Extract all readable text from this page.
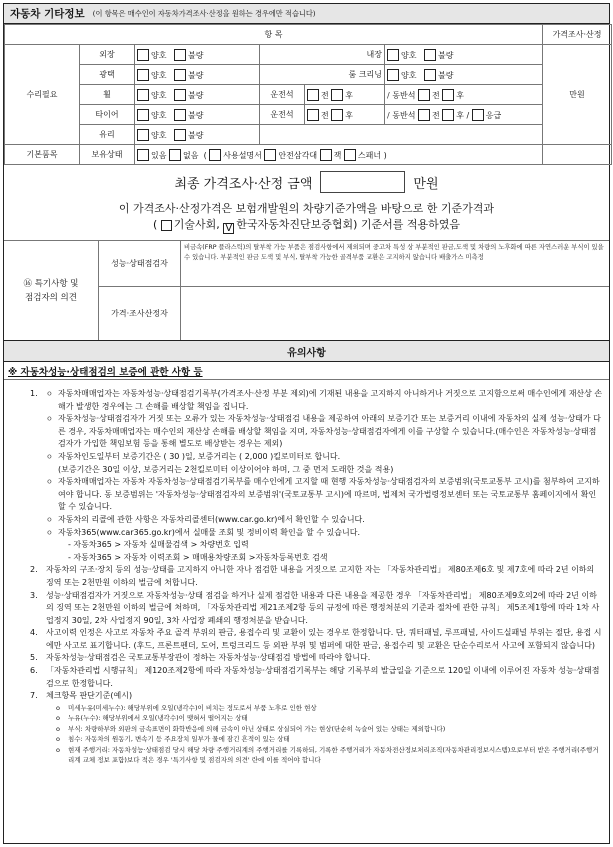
자동차 기타정보 (이 항목은 매수인이 자동차가격조사·산정을 원하는 경우에만 적습니다)
항 목						가격조사·산정
수리필요	외장	양호 불량	내장		양호 불량	만원
	광택	양호 불량	룸 크리닝		양호 불량	
	휠	양호 불량	운전석	전 후	/ 동반석 전 후	
	타이어	양호 불량	운전석	전 후	/ 동반석 전 후 / 응급	
	유리	양호 불량				
기본품목	보유상태	있음 없음  ( 사용설명서 안전삼각대 잭 스패너 )				
최종 가격조사·산정 금액	만원
이 가격조사·산정가격은 보험개발원의 차량기준가액을 바탕으로 한 기준가격과
( 기술사회, V 한국자동차진단보증협회) 기준서를 적용하였음
⑯ 특기사항 및
점검자의 의견
성능·상태점검자
비금속(FRP 플라스틱)의 탈부착 가능 부품은 점검사항에서 제외되며 중고차 특성 상 부분적인 판금,도색 및 차량의 노후화에 따른 자연스러운 부식이 있을 수 있습니다. 부분적인 판금 도색 및 부식, 탈부착 가능한 골격부품 교환은 고지하지 않습니다 배출가스 미측정
가격·조사산정자
유의사항
※ 자동차성능·상태점검의 보증에 관한 사항 등
1.	ㅇ 자동차매매업자는 자동차성능·상태점검기록부(가격조사·산정 부분 제외)에 기재된 내용을 고지하지 아니하거나 거짓으로 고지함으로써 매수인에게 재산상 손해가 발생한 경우에는 그 손해를 배상할 책임을 집니다.
ㅇ 자동차성능·상태점검자가 거짓 또는 오류가 있는 자동차성능·상태점검 내용을 제공하여 아래의 보증기간 또는 보증거리 이내에 자동차의 실제 성능·상태가 다른 경우, 자동차매매업자는 매수인의 재산상 손해를 배상할 책임을 지며, 자동차성능·상태점검자에게 이를 구상할 수 있습니다.(매수인은 자동차성능·상태점검자가 가입한 책임보험 등을 통해 별도로 배상받는 경우는 제외)
ㅇ 자동차인도일부터 보증기간은 ( 30 )일, 보증거리는 ( 2,000 )킬로미터로 합니다.
(보증기간은 30일 이상, 보증거리는 2천킬로미터 이상이어야 하며, 그 중 먼저 도래한 것을 적용)
ㅇ 자동차매매업자는 자동차 자동차성능·상태점검기록부를 매수인에게 고지할 때 현행 자동차성능·상태점검자의 보증범위(국토교통부 고시)를 첨부하여 고지하여야 합니다. 동 보증범위는 '자동차성능·상태점검자의 보증범위'(국토교통부 고시)에 따르며, 법제처 국가법령정보센터 또는 국토교통부 홈페이지에서 확인할 수 있습니다.
ㅇ 자동차의 리콜에 관한 사항은 자동차리콜센터(www.car.go.kr)에서 확인할 수 있습니다.
ㅇ 자동차365(www.car365.go.kr)에서 실매물 조회 및 정비이력 확인을 할 수 있습니다.
- 자동차365 > 자동차 실매물검색 > 차량번호 입력
- 자동차365 > 자동차 이력조회 > 매매용차량조회 >자동차등록번호 검색
2. 자동차의 구조·장치 등의 성능·상태를 고지하지 아니한 자나 점검한 내용을 거짓으로 고지한 자는 「자동차관리법」 제80조제6호 및 제7호에 따라 2년 이하의 징역 또는 2천만원 이하의 벌금에 처합니다.
3. 성능·상태점검자가 거짓으로 자동차성능·상태 점검을 하거나 실제 점검한 내용과 다른 내용을 제공한 경우 「자동차관리법」 제80조제9호의2에 따라 2년 이하의 징역 또는 2천만원 이하의 벌금에 처하며, 「자동차관리법 제21조제2항 등의 규정에 따른 행정처분의 기준과 절차에 관한 규칙」 제5조제1항에 따라 1차 사업정지 30일, 2차 사업정지 90일, 3차 사업장 폐쇄의 행정처분을 받습니다.
4. 사고이력 인정은 사고로 자동차 주요 골격 부위의 판금, 용접수리 및 교환이 있는 경우로 한정합니다. 단, 쿼터패널, 루프패널, 사이드실패널 부위는 절단, 용접 시에만 사고로 표기합니다. (후드, 프론트펜더, 도어, 트렁크리드 등 외판 부위 및 범퍼에 대한 판금, 용접수리 및 교환은 단순수리로서 사고에 포함되지 않습니다)
5. 자동차성능·상태점검은 국토교통부장관이 정하는 자동차성능·상태점검 방법에 따라야 합니다.
6. 「자동차관리법 시행규칙」 제120조제2항에 따라 자동차성능·상태점검기록부는 해당 기록부의 발급일을 기준으로 120일 이내에 이루어진 자동차 성능·상태점검으로 한정합니다.
7. 체크항목 판단기준(예시)
o 미세누유(미세누수): 해당부위에 오일(냉각수)이 비치는 정도로서 부품 노후로 인한 현상
o 누유(누수): 해당부위에서 오일(냉각수)이 맺혀서 떨어지는 상태
o 부식: 차량하부와 외판의 금속표면이 화학반응에 의해 금속이 아닌 상태로 상실되어 가는 현상(단순히 녹슬어 있는 상태는 제외합니다)
o 침수: 자동차의 원동기, 변속기 등 주요장치 일부가 물에 잠긴 흔적이 있는 상태
o 현재 주행거리: 자동차성능·상태점검 당시 해당 차량 주행거리계의 주행거리를 기록하되, 기록한 주행거리가 자동차전산정보처리조직(자동차관리정보시스템)으로부터 받은 주행거리(주행거리계 교체 정보 포함)보다 적은 경우 '특기사항 및 점검자의 의견' 란에 이를 적어야 합니다
